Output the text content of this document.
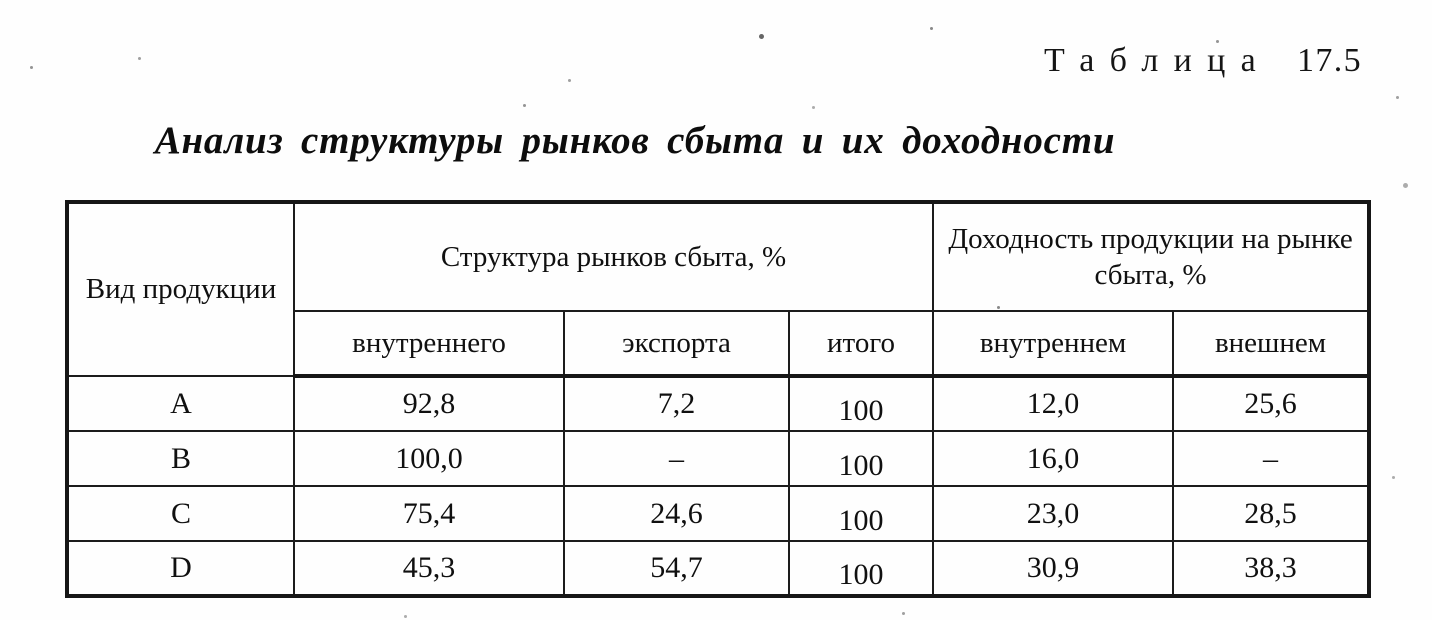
Таблица 17.5
Анализ структуры рынков сбыта и их доходности
Вид продукции	Структура рынков сбыта, %			Доходность продукции на рынке сбыта, %	
	внутреннего	экспорта	итого	внутреннем	внешнем
A	92,8	7,2	100	12,0	25,6
B	100,0	–	100	16,0	–
C	75,4	24,6	100	23,0	28,5
D	45,3	54,7	100	30,9	38,3
